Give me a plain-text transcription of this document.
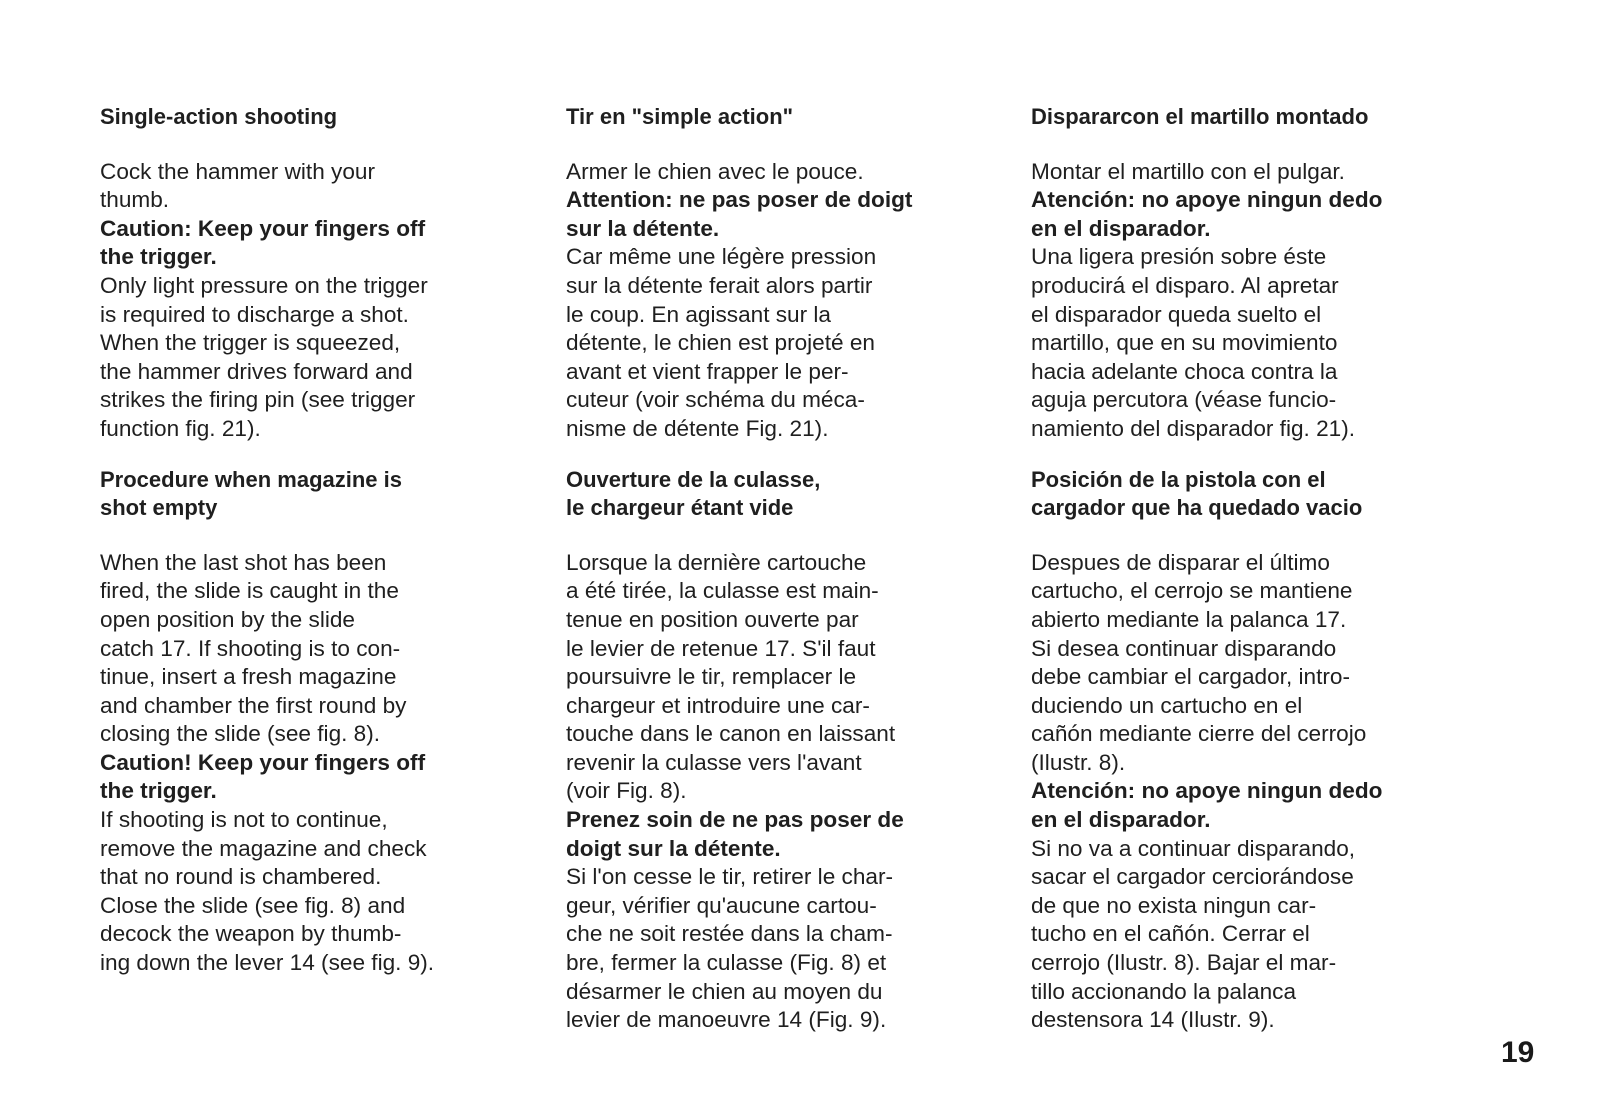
Single-action shooting

Cock the hammer with your
thumb.

Caution: Keep your fingers off
the trigger.

Only light pressure on the trigger
is required to discharge a shot.
When the trigger is squeezed,
the hammer drives forward and
strikes the firing pin (see trigger
function fig. 21).

Procedure when magazine is
shot empty

When the last shot has been
fired, the slide is caught in the
open position by the slide
catch 17. If shooting is to con-
tinue, insert a fresh magazine
and chamber the first round by
closing the slide (see fig. 8).

Caution! Keep your fingers off
the trigger.

If shooting is not to continue,
remove the magazine and check
that no round is chambered.
Close the slide (see fig. 8) and
decock the weapon by thumb-
ing down the lever 14 (see fig. 9).

Tir en "simple action"

Armer le chien avec le pouce.

Attention: ne pas poser de doigt
sur la détente.

Car même une légère pression
sur la détente ferait alors partir
le coup. En agissant sur la
détente, le chien est projeté en
avant et vient frapper le per-
cuteur (voir schéma du méca-
nisme de détente Fig. 21).

Ouverture de la culasse,
le chargeur étant vide

Lorsque la dernière cartouche
a été tirée, la culasse est main-
tenue en position ouverte par
le levier de retenue 17. S'il faut
poursuivre le tir, remplacer le
chargeur et introduire une car-
touche dans le canon en laissant
revenir la culasse vers l'avant
(voir Fig. 8).

Prenez soin de ne pas poser de
doigt sur la détente.

Si l'on cesse le tir, retirer le char-
geur, vérifier qu'aucune cartou-
che ne soit restée dans la cham-
bre, fermer la culasse (Fig. 8) et
désarmer le chien au moyen du
levier de manoeuvre 14 (Fig. 9).

Dispararcon el martillo montado

Montar el martillo con el pulgar.

Atención: no apoye ningun dedo
en el disparador.

Una ligera presión sobre éste
producirá el disparo. Al apretar
el disparador queda suelto el
martillo, que en su movimiento
hacia adelante choca contra la
aguja percutora (véase funcio-
namiento del disparador fig. 21).

Posición de la pistola con el
cargador que ha quedado vacio

Despues de disparar el último
cartucho, el cerrojo se mantiene
abierto mediante la palanca 17.
Si desea continuar disparando
debe cambiar el cargador, intro-
duciendo un cartucho en el
cañón mediante cierre del cerrojo
(Ilustr. 8).

Atención: no apoye ningun dedo
en el disparador.

Si no va a continuar disparando,
sacar el cargador cerciorándose
de que no exista ningun car-
tucho en el cañón. Cerrar el
cerrojo (Ilustr. 8). Bajar el mar-
tillo accionando la palanca
destensora 14 (Ilustr. 9).

19
